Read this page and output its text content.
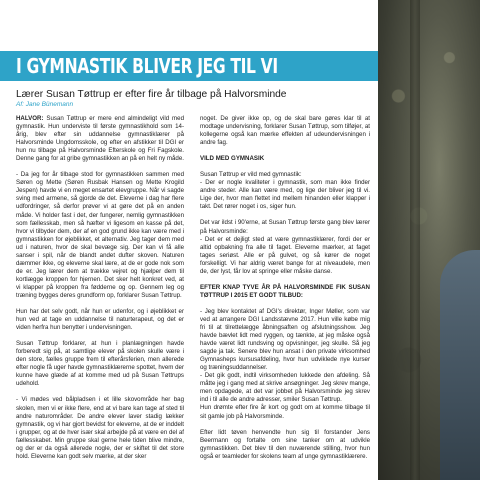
I GYMNASTIK BLIVER JEG TIL VI
Lærer Susan Tøttrup er efter fire år tilbage på Halvorsminde
Af: Jane Bünemann

HALVOR: Susan Tøttrup er mere end almindeligt vild med gymnastik. Hun underviste til første gymnastikhold som 14-årig, blev efter sin uddannelse gymnastiklærer på Halvorsminde Ungdomsskole, og efter en afstikker til DGI er hun nu tilbage på Halvorsminde Efterskole og Fri Fagskole. Denne gang for at gribe gymnastikken an på en helt ny måde.

- Da jeg for år tilbage stod for gymnastikken sammen med Søren og Mette (Søren Rusbak Hansen og Mette Krogild Jespen) havde vi en meget ensartet elevgruppe. Når vi sagde sving med armene, så gjorde de det. Eleverne i dag har flere udfordringer, så derfor prøver vi at gøre det på en anden måde. Vi holder fast i det, der fungerer, nemlig gymnastikken som fællesskab, men så hæfter vi ligesom en kasse på det, hvor vi tilbyder dem, der af en god grund ikke kan være med i gymnastikken for øjeblikket, et alternativ. Jeg tager dem med ud i naturen, hvor de skal bevæge sig. Der kan vi få alle sanser i spil, når de blandt andet dufter skoven. Naturen dæmmer ikke, og eleverne skal lære, at de er gode nok som de er. Jeg lærer dem at trække vejret og hjælper dem til kortlægge kroppen for hjernen. Det sker helt konkret ved, at vi klapper på kroppen fra fødderne og op. Gennem leg og træning bygges deres grundform op, forklarer Susan Tøttrup.

Hun har det selv godt, når hun er udenfor, og i øjeblikket er hun ved at tage en uddannelse til naturterapeut, og det er viden herfra hun benytter i undervisningen.

Susan Tøttrup forklarer, at hun i planlægningen havde forberedt sig på, at samtlige elever på skolen skulle være i den store, fælles gruppe frem til efterårsferien, men allerede efter nogle få uger havde gymnastiklærerne spottet, hvem der kunne have glæde af at komme med ud på Susan Tøttrups udehold.

- Vi mødes ved bålpladsen i et lille skovområde her bag skolen, men vi er ikke flere, end at vi bare kan tage af sted til andre naturområder. De andre elever laver stadig lækker gymnastik, og vi har gjort bevidst for eleverne, at de er inddelt i grupper, og at de hver især skal arbejde på at være en del af fællesskabet. Min gruppe skal gerne hele tiden blive mindre, og der er da også allerede nogle, der er skiftet til det store hold. Eleverne kan godt selv mærke, at der sker

noget. De giver ikke op, og de skal bare gøres klar til at modtage undervisning, forklarer Susan Tøttrup, som tilføjer, at kollegerne også kan mærke effekten af udeundervisningen i andre fag.

VILD MED GYMNASIK

Susan Tøttrup er vild med gymnastik:
- Der er nogle kvaliteter i gymnastik, som man ikke finder andre steder. Alle kan være med, og lige der bliver jeg til vi. Lige der, hvor man flettet ind mellem hinanden eller klapper i takt. Det rører noget i os, siger hun.

Det var ildst i 90'erne, at Susan Tøttrup første gang blev lærer på Halvorsminde:
- Det er et dejligt sted at være gymnastiklærer, fordi der er altid opbakning fra alle til faget. Eleverne mærker, at faget tages seriøst. Alle er på gulvet, og så kører de noget forskelligt. Vi har aldrig været bange for at niveaudele, men de, der lyst, får lov at springe eller måske danse.

EFTER KNAP TYVE ÅR PÅ HALVORSMINDE FIK SUSAN TØTTRUP I 2015 ET GODT TILBUD:

- Jeg blev kontaktet af DGI's direktør, Inger Møller, som var ved at arrangere DGI Landsstævne 2017. Hun ville købe mig fri til at tilrettelægge åbningsaften og afslutningsshow. Jeg havde bævlet lidt med ryggen, og tænkte, at jeg måske også havde været lidt rundsving og opvisninger, jeg skulle. Så jeg sagde ja tak. Senere blev hun ansat i den private virksomhed Gymnasheps kursusafdeling, hvor hun udviklede nye kurser og træningsuddannelser.
- Det gik godt, indtil virksomheden lukkede den afdeling. Så måtte jeg i gang med at skrive ansøgninger. Jeg skrev mange, men opdagede, at det var jobbet på Halvorsminde jeg skrev ind i til alle de andre adresser, smiler Susan Tøttrup.
Hun drømte efter fire år kort og godt om at komme tilbage til sit gamle job på Halvorsminde.

Efter lidt tøven henvendte hun sig til forstander Jens Beermann og fortalte om sine tanker om at udvikle gymnastikken. Det blev til den nuværende stilling, hvor hun også er teamleder for skolens team af unge gymnastiklærere.
